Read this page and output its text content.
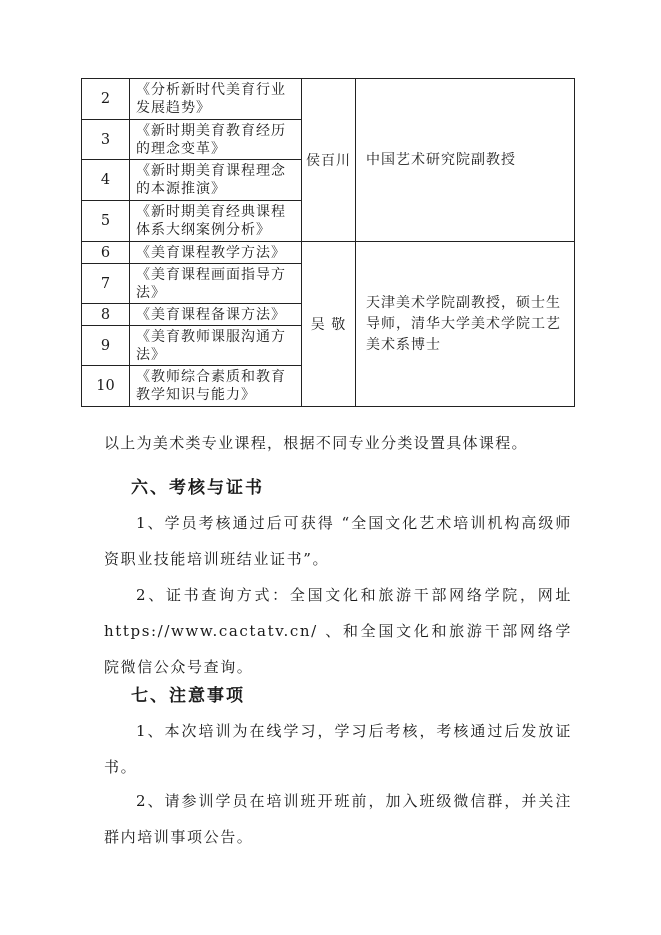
2	《分析新时代美育行业发展趋势》	侯百川	中国艺术研究院副教授
3	《新时期美育教育经历的理念变革》		
4	《新时期美育课程理念的本源推演》		
5	《新时期美育经典课程体系大纲案例分析》		
6	《美育课程教学方法》	吴 敬	天津美术学院副教授，硕士生导师，清华大学美术学院工艺美术系博士
7	《美育课程画面指导方法》		
8	《美育课程备课方法》		
9	《美育教师课服沟通方法》		
10	《教师综合素质和教育教学知识与能力》		
以上为美术类专业课程，根据不同专业分类设置具体课程。
六、考核与证书
1、学员考核通过后可获得 “全国文化艺术培训机构高级师资职业技能培训班结业证书”。
2、证书查询方式：全国文化和旅游干部网络学院，网址 https://www.cactatv.cn/ 、和全国文化和旅游干部网络学院微信公众号查询。
七、注意事项
1、本次培训为在线学习，学习后考核，考核通过后发放证书。
2、请参训学员在培训班开班前，加入班级微信群，并关注群内培训事项公告。
